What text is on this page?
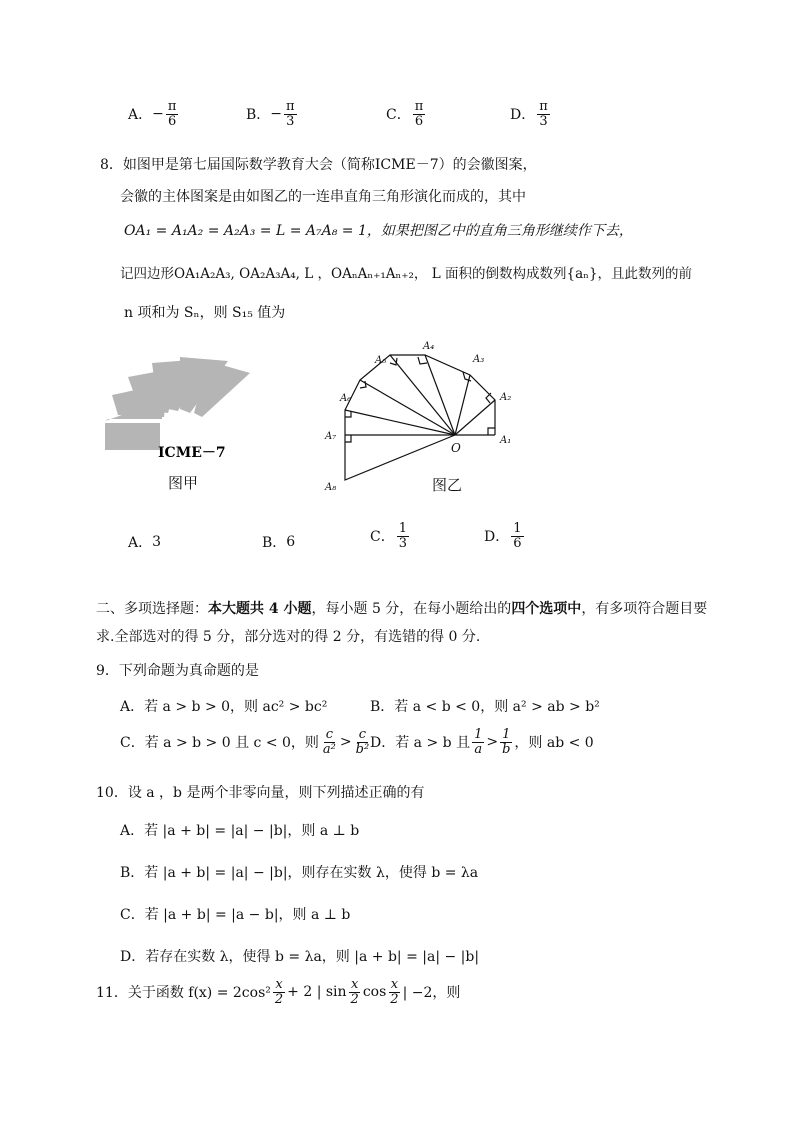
A． − $\frac{\pi}{6}$	B． − $\frac{\pi}{3}$	C． $\frac{\pi}{6}$	D． $\frac{\pi}{3}$
8．如图甲是第七届国际数学教育大会（简称ICME－7）的会徽图案，
会徽的主体图案是由如图乙的一连串直角三角形演化而成的，其中
OA₁ = A₁A₂ = A₂A₃ = L = A₇A₈ = 1，如果把图乙中的直角三角形继续作下去，
记四边形OA₁A₂A₃, OA₂A₃A₄, L ，OAₙAₙ₊₁Aₙ₊₂， L 面积的倒数构成数列{aₙ}，且此数列的前
n 项和为 Sₙ，则 S₁₅ 值为
ICME－7
图甲
A₁
A₂
A₃
A₄
A₅
A₆
A₇
A₈
O
图乙
A． 3	B． 6	C． $\frac{1}{3}$	D． $\frac{1}{6}$
二、多项选择题：本大题共 4 小题，每小题 5 分，在每小题给出的四个选项中，有多项符合题目要
求.全部选对的得 5 分，部分选对的得 2 分，有选错的得 0 分.
9．下列命题为真命题的是
A．若 a > b > 0，则 ac² > bc²	B．若 a < b < 0，则 a² > ab > b²
C．若 a > b > 0 且 c < 0，则 $\frac{c}{\text{a²}} > \frac{c}{\text{b²}}$
D．若 a > b 且 $\frac{1}{a} > \frac{1}{b}$ ，则 ab < 0
10．设 a ，b 是两个非零向量，则下列描述正确的有
A．若 |a + b| = |a| − |b|，则 a ⊥ b
B．若 |a + b| = |a| − |b|，则存在实数 λ，使得 b = λa
C．若 |a + b| = |a − b|，则 a ⊥ b
D．若存在实数 λ，使得 b = λa，则 |a + b| = |a| − |b|
11．关于函数 $f(x) = 2\cos^2 \frac{x}{2} + 2$ | $\sin \frac{x}{2}$ $\cos \frac{x}{2}$ | −2，则
